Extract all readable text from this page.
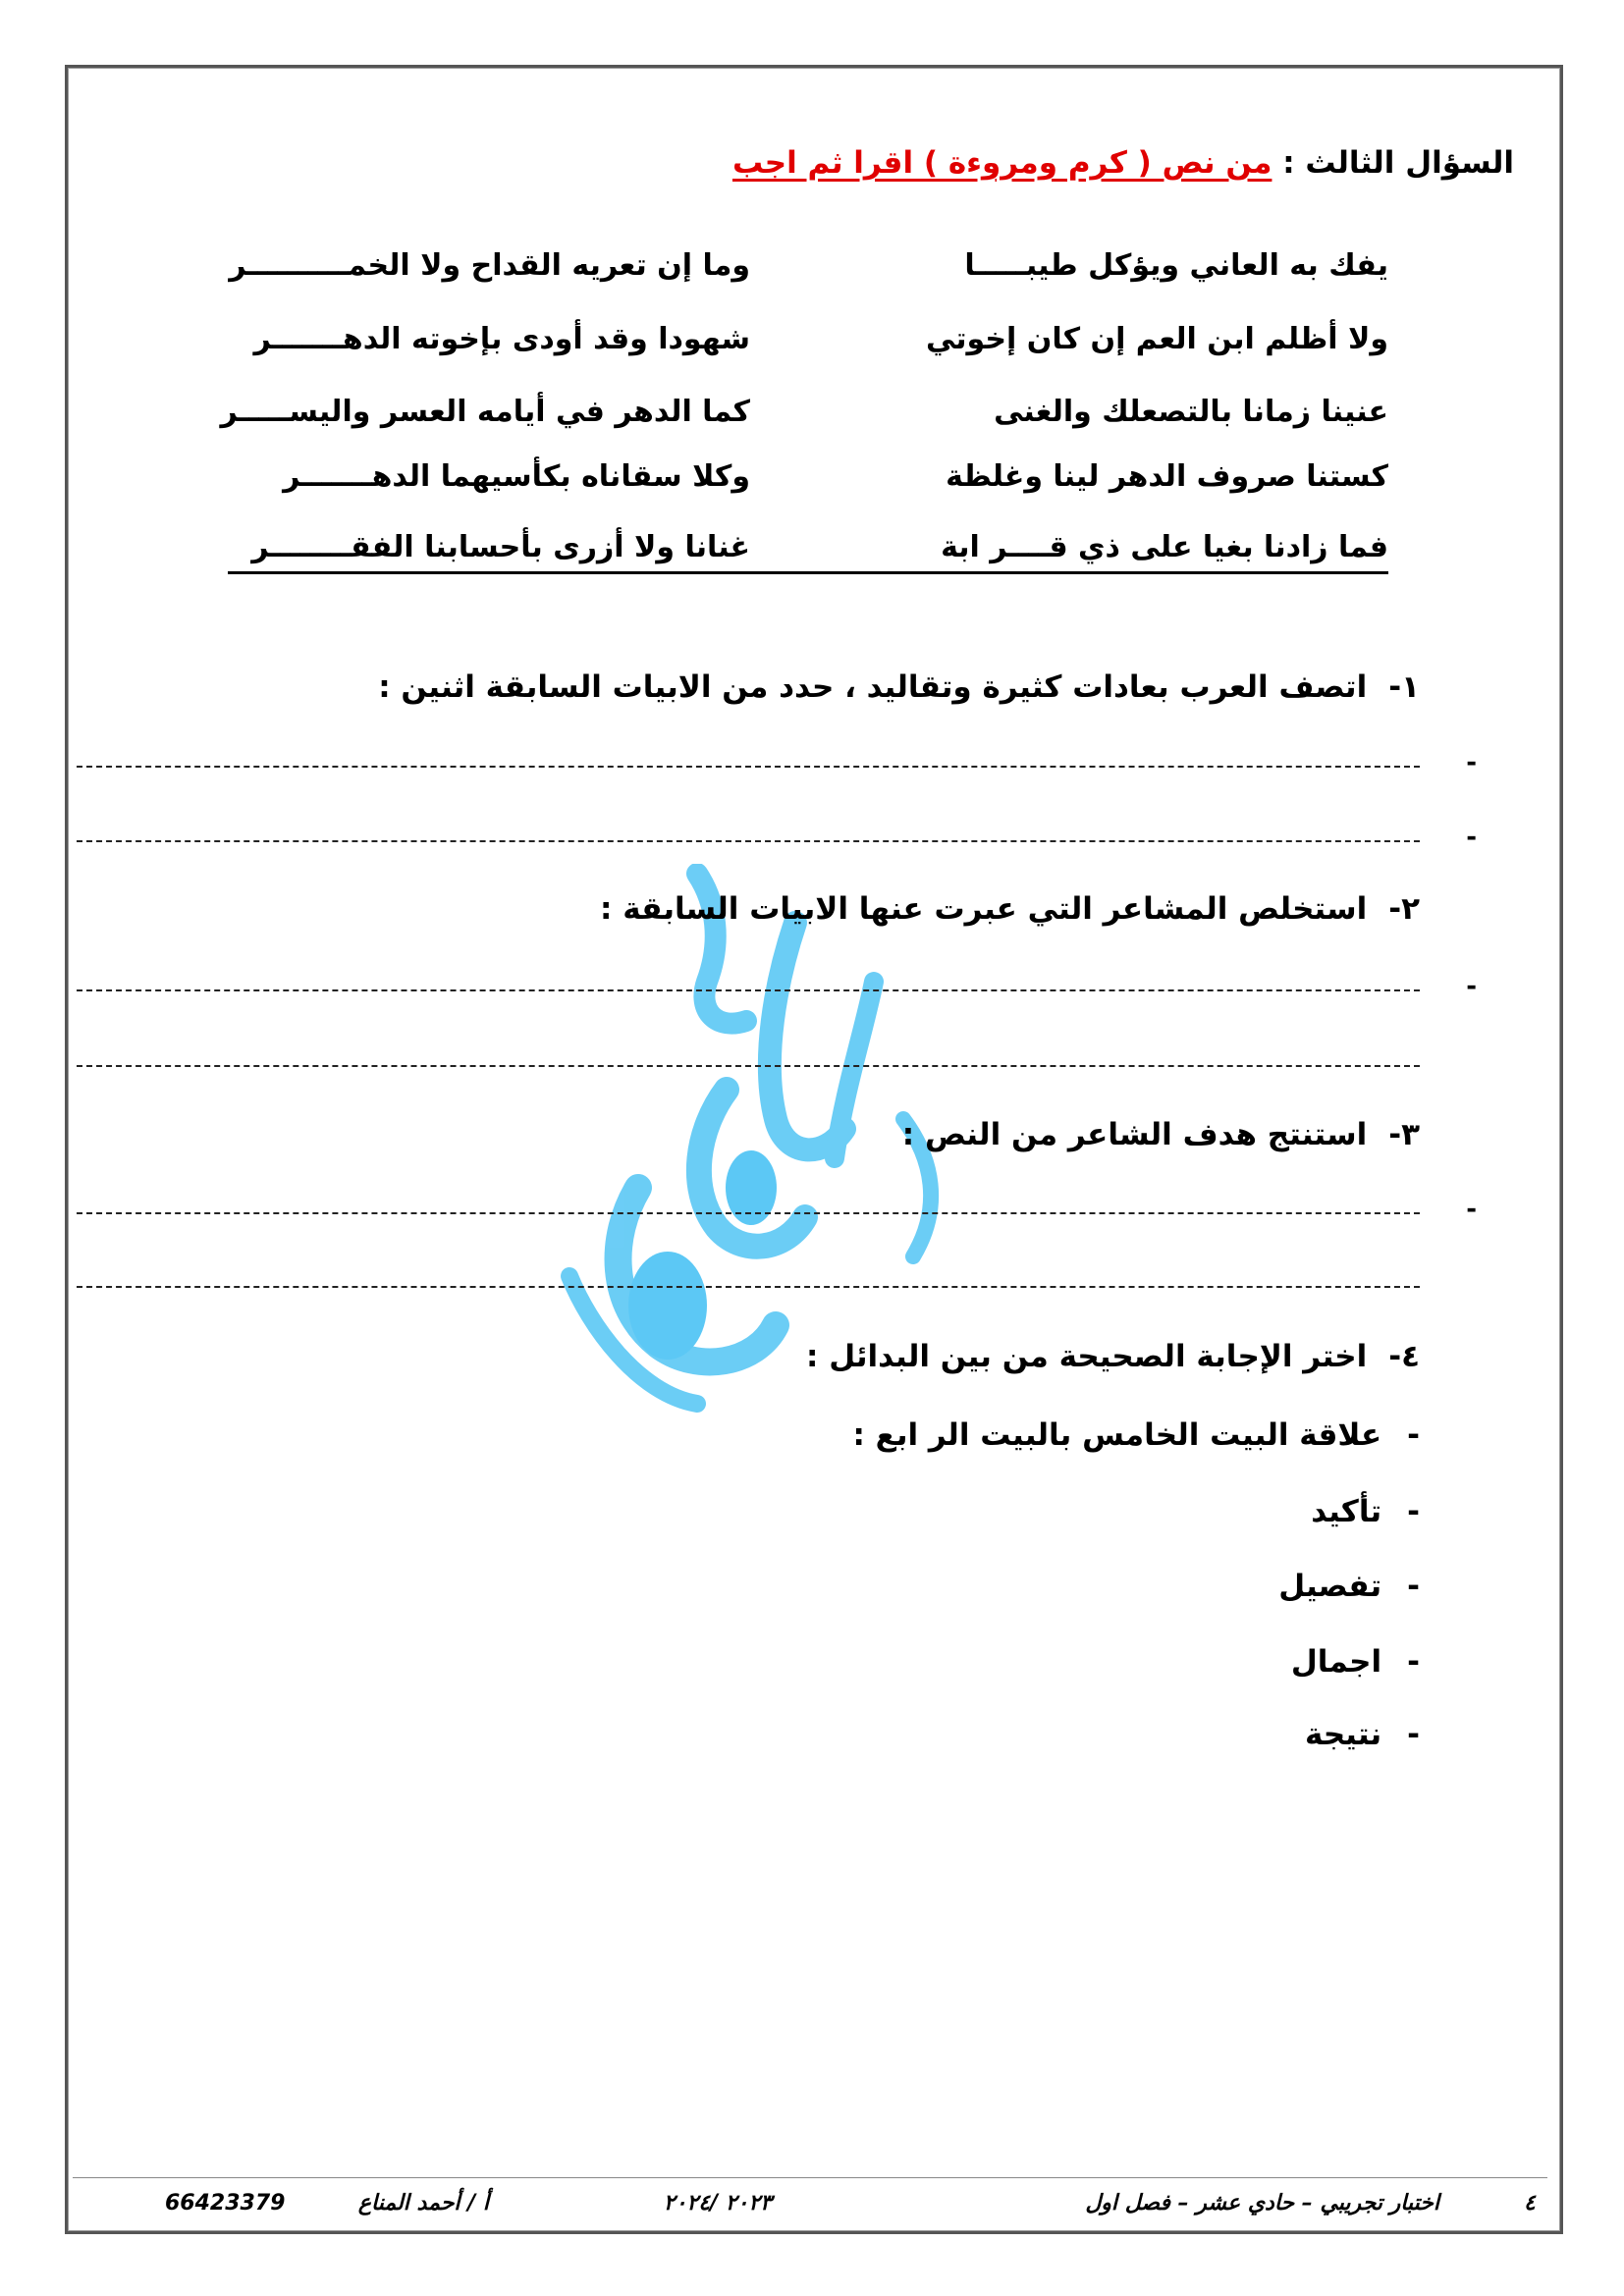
السؤال الثالث : من نص ( كرم ومروءة ) اقرا ثم اجب
يفك به العاني ويؤكل طيبـــــا
وما إن تعريه القداح ولا الخمــــــــــر
ولا أظلم ابن العم إن كان إخوتي
شهودا وقد أودى بإخوته الدهـــــــر
عنينا زمانا بالتصعلك والغنى
كما الدهر في أيامه العسر واليســـــر
كستنا صروف الدهر لينا وغلظة
وكلا سقاناه بكأسيهما الدهـــــــر
فما زادنا بغيا على ذي قــــر ابة
غنانا ولا أزرى بأحسابنا الفقــــــــر
١-اتصف العرب بعادات كثيرة وتقاليد ، حدد من الابيات السابقة اثنين :
-
-
٢-استخلص المشاعر التي عبرت عنها الابيات السابقة :
-
٣-استنتج هدف الشاعر من النص :
-
٤-اختر الإجابة الصحيحة من بين البدائل :
-علاقة البيت الخامس بالبيت الر ابع :
-تأكيد
-تفصيل
-اجمال
-نتيجة
٤
اختبار تجريبي – حادي عشر – فصل اول
٢٠٢٣ /٢٠٢٤
أ / أحمد المناع
66423379
